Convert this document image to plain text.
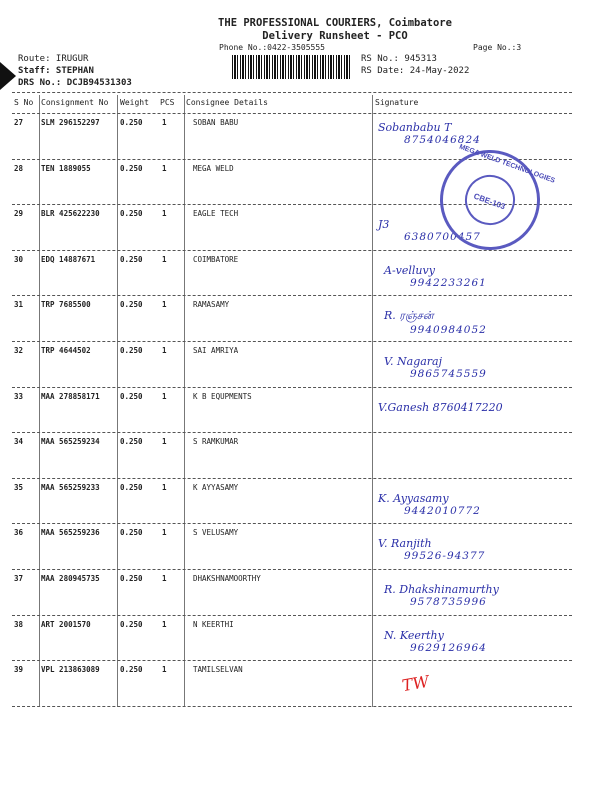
THE PROFESSIONAL COURIERS, Coimbatore
Delivery Runsheet - PCO
Phone No.:0422-3505555	Page No.:3
Route: IRUGUR
Staff: STEPHAN
DRS No.: DCJB94531303
RS No.: 945313
RS Date: 24-May-2022
S No Consignment No Weight PCS Consignee Details	Signature
27 SLM 296152297	0.250	1	SOBAN BABU	Sobanbabu T
8754046824
28 TEN 1889055	0.250	1	MEGA WELD
29 BLR 425622230	0.250	1	EAGLE TECH
J3
6380700457
30 EDQ 14887671	0.250	1	COIMBATORE
A-velluvy
9942233261
31 TRP 7685500	0.250	1	RAMASAMY
R. ரஞ்சன்
9940984052
32 TRP 4644502	0.250	1	SAI AMRIYA
V. Nagaraj
9865745559
33 MAA 278858171	0.250	1	K B EQUPMENTS
V.Ganesh 8760417220
34 MAA 565259234	0.250	1	S RAMKUMAR
35 MAA 565259233	0.250	1	K AYYASAMY
K. Ayyasamy
9442010772
36 MAA 565259236	0.250	1	S VELUSAMY
V. Ranjith
99526-94377
37 MAA 280945735	0.250	1	DHAKSHNAMOORTHY
R. Dhakshinamurthy
9578735996
38 ART 2001570	0.250	1	N KEERTHI
N. Keerthy
9629126964
39 VPL 213863089	0.250	1	TAMILSELVAN
TW
MEGA WELD TECHNOLOGIES
CBE-103
